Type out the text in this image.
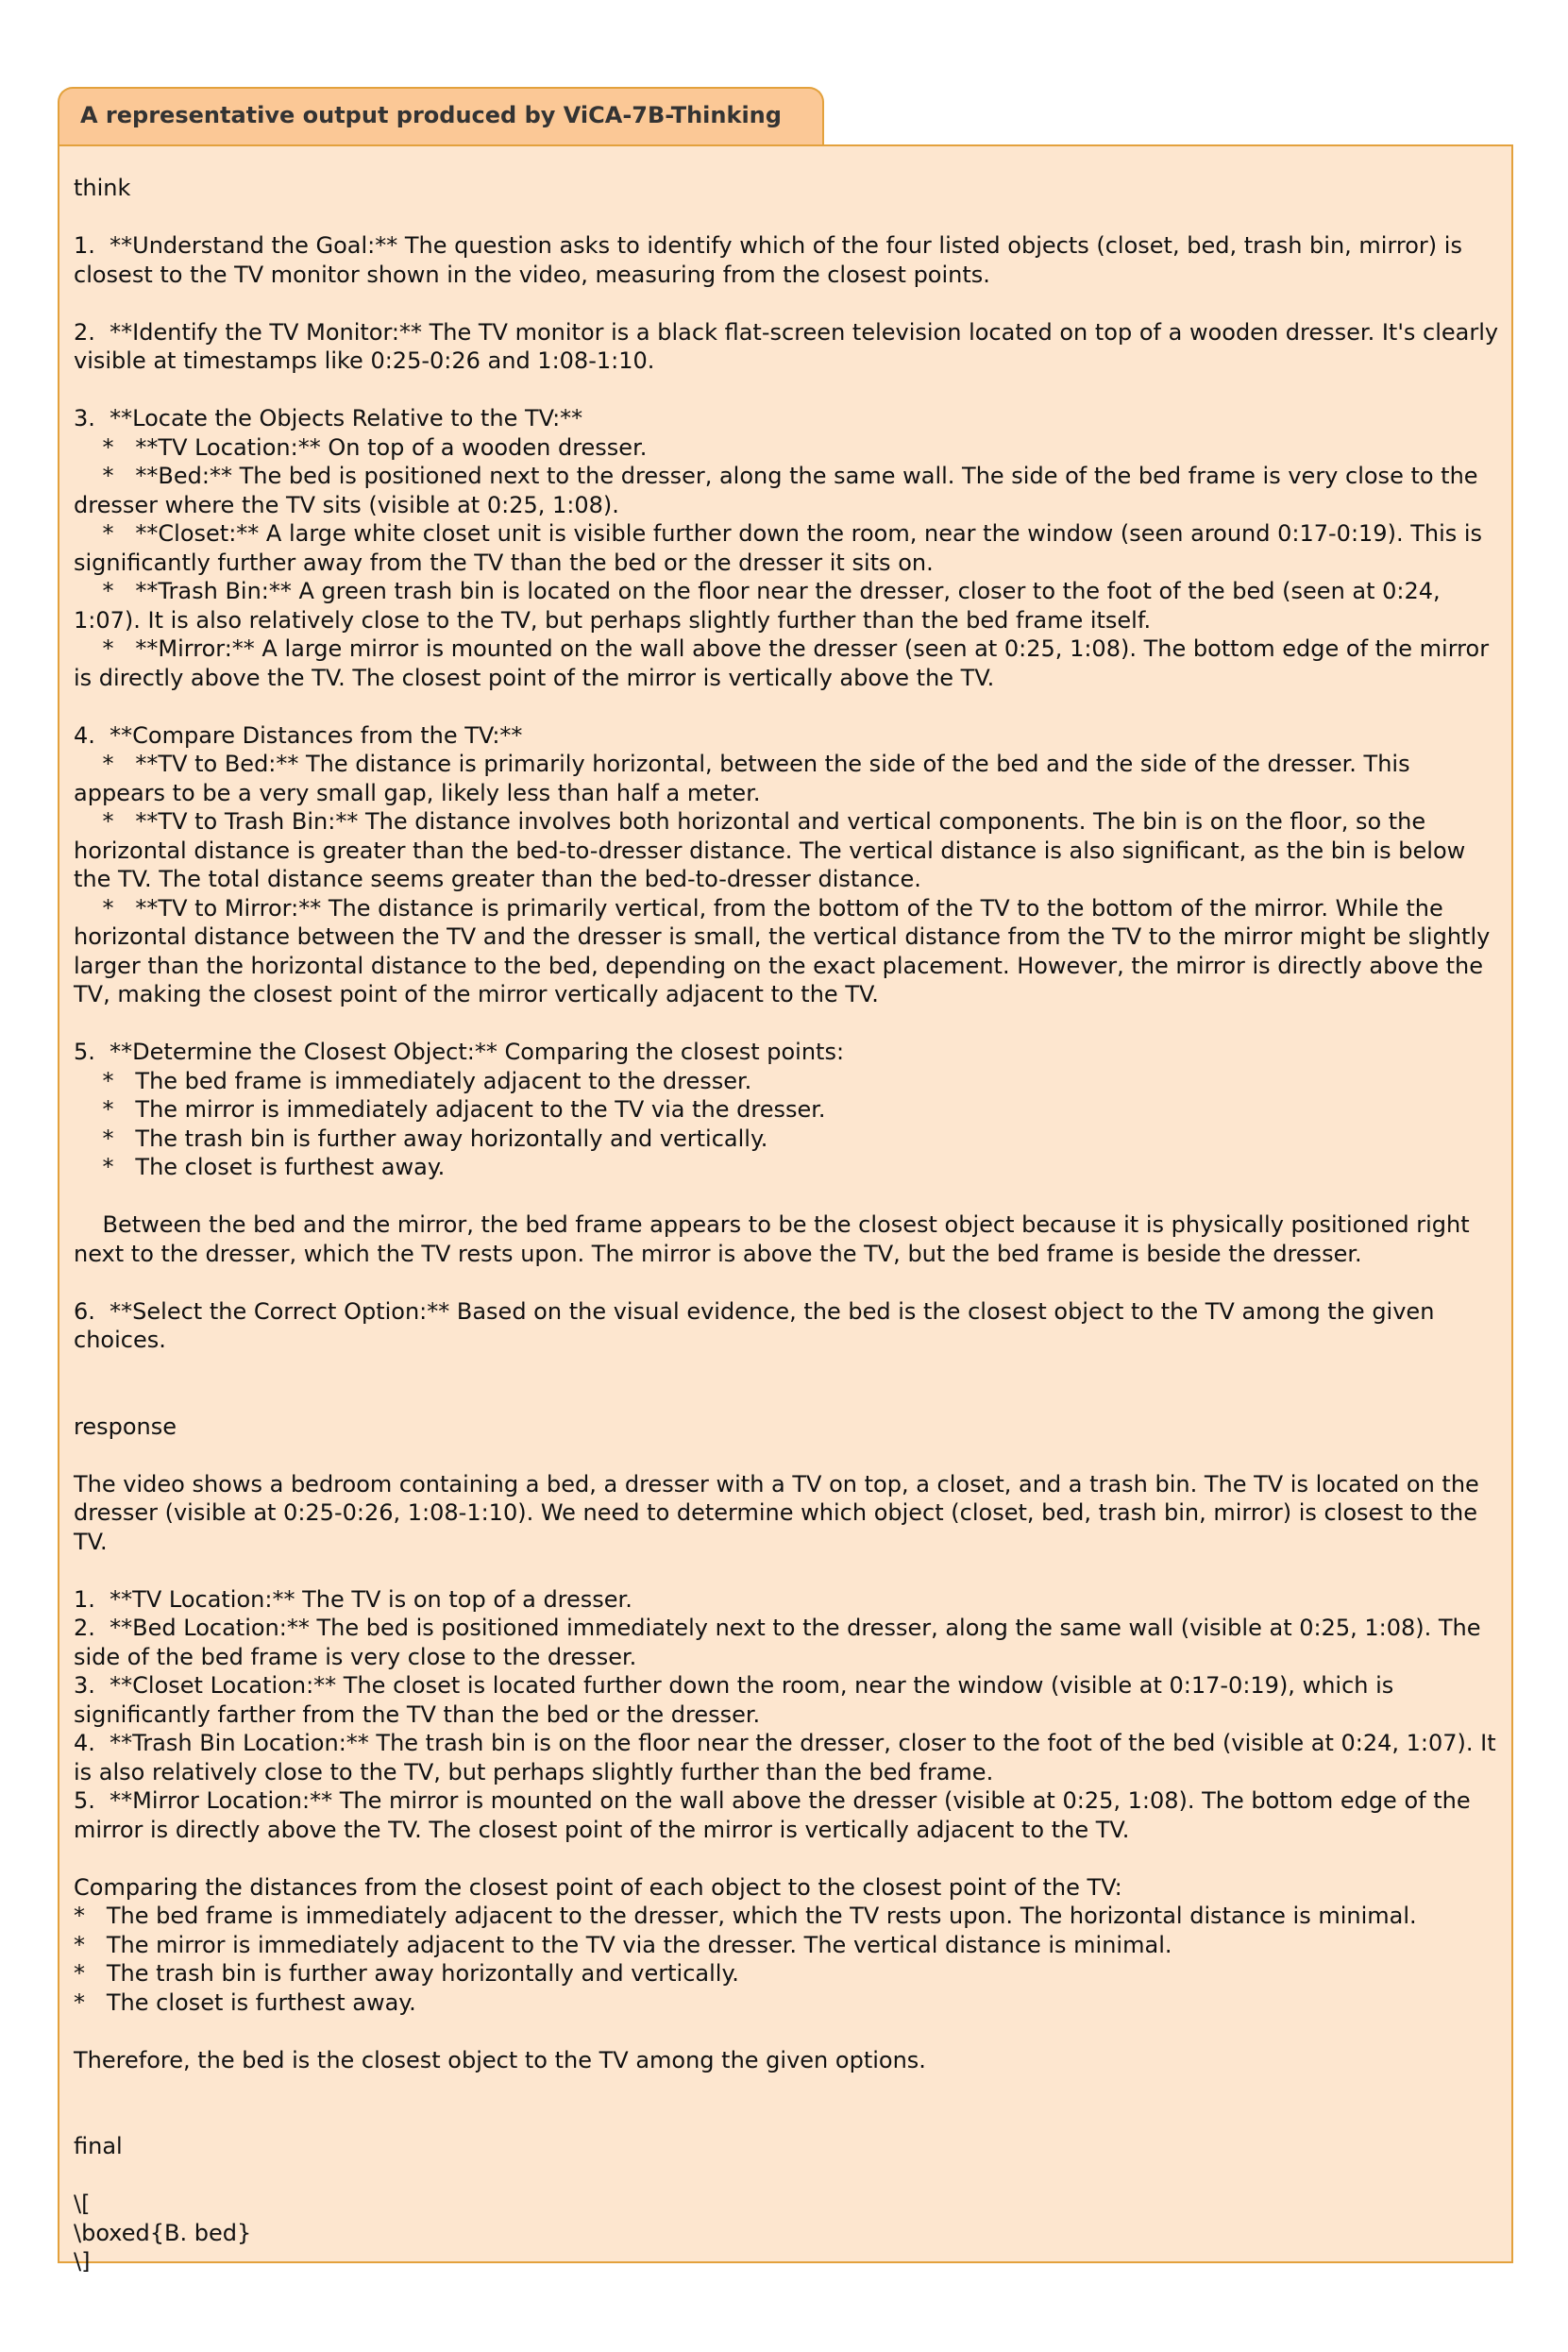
A representative output produced by ViCA-7B-Thinking

think

1.  **Understand the Goal:** The question asks to identify which of the four listed objects (closet, bed, trash bin, mirror) is closest to the TV monitor shown in the video, measuring from the closest points.

2.  **Identify the TV Monitor:** The TV monitor is a black flat-screen television located on top of a wooden dresser. It's clearly visible at timestamps like 0:25-0:26 and 1:08-1:10.

3.  **Locate the Objects Relative to the TV:**

*   **TV Location:** On top of a wooden dresser.

*   **Bed:** The bed is positioned next to the dresser, along the same wall. The side of the bed frame is very close to the dresser where the TV sits (visible at 0:25, 1:08).

*   **Closet:** A large white closet unit is visible further down the room, near the window (seen around 0:17-0:19). This is significantly further away from the TV than the bed or the dresser it sits on.

*   **Trash Bin:** A green trash bin is located on the floor near the dresser, closer to the foot of the bed (seen at 0:24, 1:07). It is also relatively close to the TV, but perhaps slightly further than the bed frame itself.

*   **Mirror:** A large mirror is mounted on the wall above the dresser (seen at 0:25, 1:08). The bottom edge of the mirror is directly above the TV. The closest point of the mirror is vertically above the TV.

4.  **Compare Distances from the TV:**

*   **TV to Bed:** The distance is primarily horizontal, between the side of the bed and the side of the dresser. This appears to be a very small gap, likely less than half a meter.

*   **TV to Trash Bin:** The distance involves both horizontal and vertical components. The bin is on the floor, so the horizontal distance is greater than the bed-to-dresser distance. The vertical distance is also significant, as the bin is below the TV. The total distance seems greater than the bed-to-dresser distance.

*   **TV to Mirror:** The distance is primarily vertical, from the bottom of the TV to the bottom of the mirror. While the horizontal distance between the TV and the dresser is small, the vertical distance from the TV to the mirror might be slightly larger than the horizontal distance to the bed, depending on the exact placement. However, the mirror is directly above the TV, making the closest point of the mirror vertically adjacent to the TV.

5.  **Determine the Closest Object:** Comparing the closest points:

*   The bed frame is immediately adjacent to the dresser.

*   The mirror is immediately adjacent to the TV via the dresser.

*   The trash bin is further away horizontally and vertically.

*   The closet is furthest away.

Between the bed and the mirror, the bed frame appears to be the closest object because it is physically positioned right next to the dresser, which the TV rests upon. The mirror is above the TV, but the bed frame is beside the dresser.

6.  **Select the Correct Option:** Based on the visual evidence, the bed is the closest object to the TV among the given choices.

response

The video shows a bedroom containing a bed, a dresser with a TV on top, a closet, and a trash bin. The TV is located on the dresser (visible at 0:25-0:26, 1:08-1:10). We need to determine which object (closet, bed, trash bin, mirror) is closest to the TV.

1.  **TV Location:** The TV is on top of a dresser.

2.  **Bed Location:** The bed is positioned immediately next to the dresser, along the same wall (visible at 0:25, 1:08). The side of the bed frame is very close to the dresser.

3.  **Closet Location:** The closet is located further down the room, near the window (visible at 0:17-0:19), which is significantly farther from the TV than the bed or the dresser.

4.  **Trash Bin Location:** The trash bin is on the floor near the dresser, closer to the foot of the bed (visible at 0:24, 1:07). It is also relatively close to the TV, but perhaps slightly further than the bed frame.

5.  **Mirror Location:** The mirror is mounted on the wall above the dresser (visible at 0:25, 1:08). The bottom edge of the mirror is directly above the TV. The closest point of the mirror is vertically adjacent to the TV.

Comparing the distances from the closest point of each object to the closest point of the TV:

*   The bed frame is immediately adjacent to the dresser, which the TV rests upon. The horizontal distance is minimal.

*   The mirror is immediately adjacent to the TV via the dresser. The vertical distance is minimal.

*   The trash bin is further away horizontally and vertically.

*   The closet is furthest away.

Therefore, the bed is the closest object to the TV among the given options.

final

\[

\boxed{B. bed}

\]
